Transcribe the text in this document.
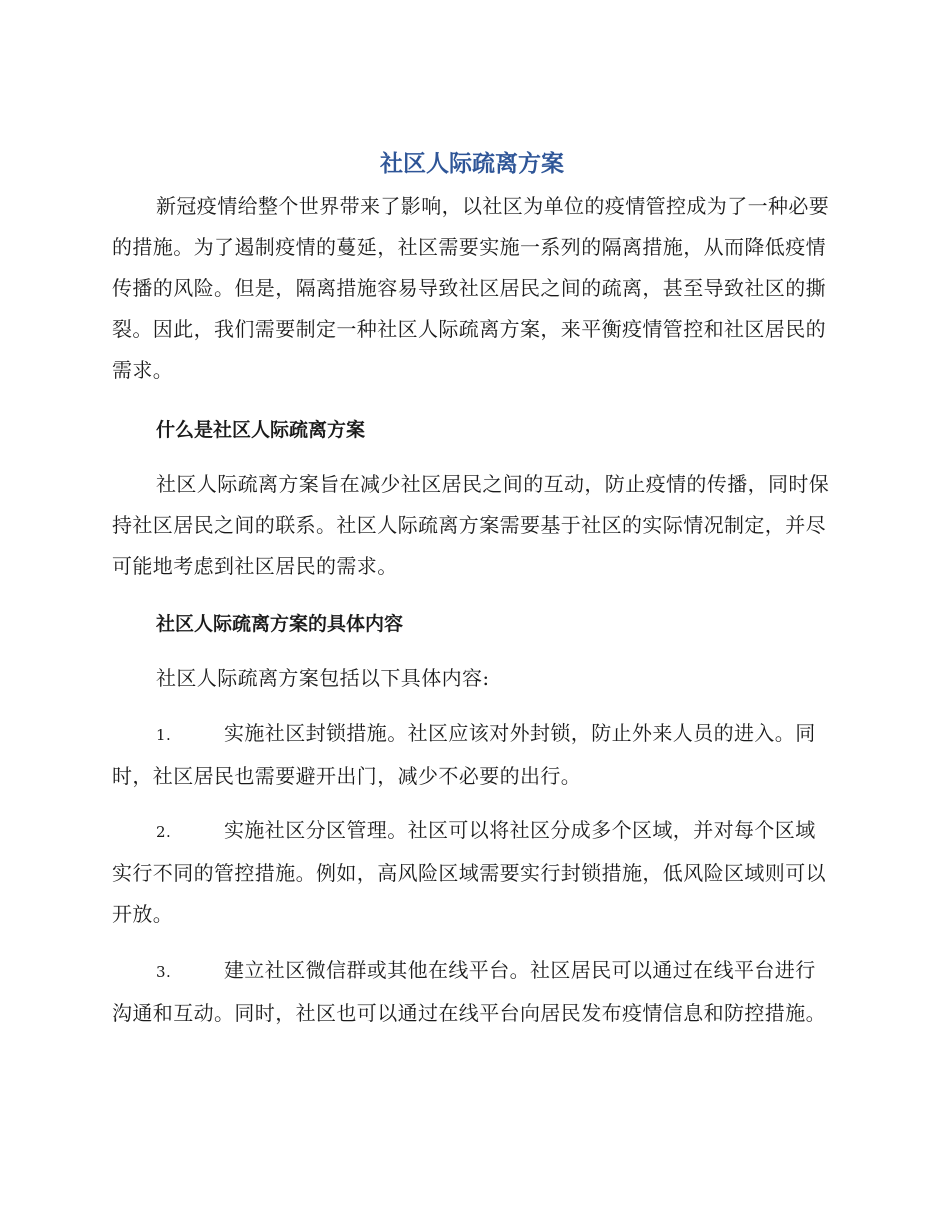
社区人际疏离方案

新冠疫情给整个世界带来了影响，以社区为单位的疫情管控成为了一种必要的措施。为了遏制疫情的蔓延，社区需要实施一系列的隔离措施，从而降低疫情传播的风险。但是，隔离措施容易导致社区居民之间的疏离，甚至导致社区的撕裂。因此，我们需要制定一种社区人际疏离方案，来平衡疫情管控和社区居民的需求。

什么是社区人际疏离方案

社区人际疏离方案旨在减少社区居民之间的互动，防止疫情的传播，同时保持社区居民之间的联系。社区人际疏离方案需要基于社区的实际情况制定，并尽可能地考虑到社区居民的需求。

社区人际疏离方案的具体内容

社区人际疏离方案包括以下具体内容:

1.	实施社区封锁措施。社区应该对外封锁，防止外来人员的进入。同时，社区居民也需要避开出门，减少不必要的出行。

2.	实施社区分区管理。社区可以将社区分成多个区域，并对每个区域实行不同的管控措施。例如，高风险区域需要实行封锁措施，低风险区域则可以开放。

3.	建立社区微信群或其他在线平台。社区居民可以通过在线平台进行沟通和互动。同时，社区也可以通过在线平台向居民发布疫情信息和防控措施。
